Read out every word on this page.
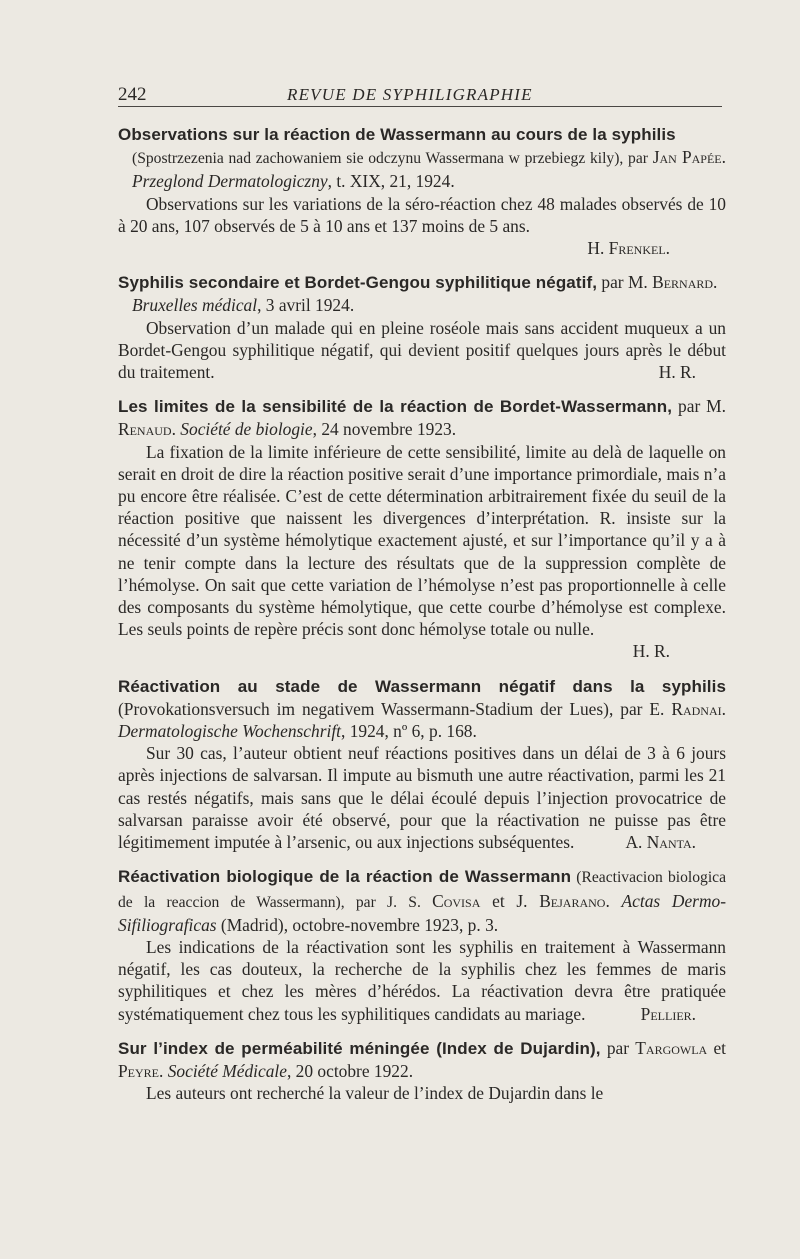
242	REVUE DE SYPHILIGRAPHIE
Observations sur la réaction de Wassermann au cours de la syphilis
(Spostrzezenia nad zachowaniem sie odczynu Wassermana w przebiegz kily), par Jan Papée. Przeglond Dermatologiczny, t. XIX, 21, 1924.

Observations sur les variations de la séro-réaction chez 48 malades observés de 10 à 20 ans, 107 observés de 5 à 10 ans et 137 moins de 5 ans.

H. Frenkel.
Syphilis secondaire et Bordet-Gengou syphilitique négatif, par M. Bernard.
Bruxelles médical, 3 avril 1924.

Observation d’un malade qui en pleine roséole mais sans accident muqueux a un Bordet-Gengou syphilitique négatif, qui devient positif quelques jours après le début du traitement.	H. R.

Les limites de la sensibilité de la réaction de Bordet-Wassermann, par M. Renaud. Société de biologie, 24 novembre 1923.

La fixation de la limite inférieure de cette sensibilité, limite au delà de laquelle on serait en droit de dire la réaction positive serait d’une importance primordiale, mais n’a pu encore être réalisée. C’est de cette détermination arbitrairement fixée du seuil de la réaction positive que naissent les divergences d’interprétation. R. insiste sur la nécessité d’un système hémolytique exactement ajusté, et sur l’importance qu’il y a à ne tenir compte dans la lecture des résultats que de la suppression complète de l’hémolyse. On sait que cette variation de l’hémolyse n’est pas proportionnelle à celle des composants du système hémolytique, que cette courbe d’hémolyse est complexe. Les seuls points de repère précis sont donc hémolyse totale ou nulle.

H. R.
Réactivation au stade de Wassermann négatif dans la syphilis (Provokationsversuch im negativem Wassermann-Stadium der Lues), par E. Radnai. Dermatologische Wochenschrift, 1924, nº 6, p. 168.

Sur 30 cas, l’auteur obtient neuf réactions positives dans un délai de 3 à 6 jours après injections de salvarsan. Il impute au bismuth une autre réactivation, parmi les 21 cas restés négatifs, mais sans que le délai écoulé depuis l’injection provocatrice de salvarsan paraisse avoir été observé, pour que la réactivation ne puisse pas être légitimement imputée à l’arsenic, ou aux injections subséquentes.	A. Nanta.

Réactivation biologique de la réaction de Wassermann (Reactivacion biologica de la reaccion de Wassermann), par J. S. Covisa et J. Bejarano. Actas Dermo-Sifiliograficas (Madrid), octobre-novembre 1923, p. 3.

Les indications de la réactivation sont les syphilis en traitement à Wassermann négatif, les cas douteux, la recherche de la syphilis chez les femmes de maris syphilitiques et chez les mères d’hérédos. La réactivation devra être pratiquée systématiquement chez tous les syphilitiques candidats au mariage.	Pellier.

Sur l’index de perméabilité méningée (Index de Dujardin), par Targowla et Peyre. Société Médicale, 20 octobre 1922.

Les auteurs ont recherché la valeur de l’index de Dujardin dans le
